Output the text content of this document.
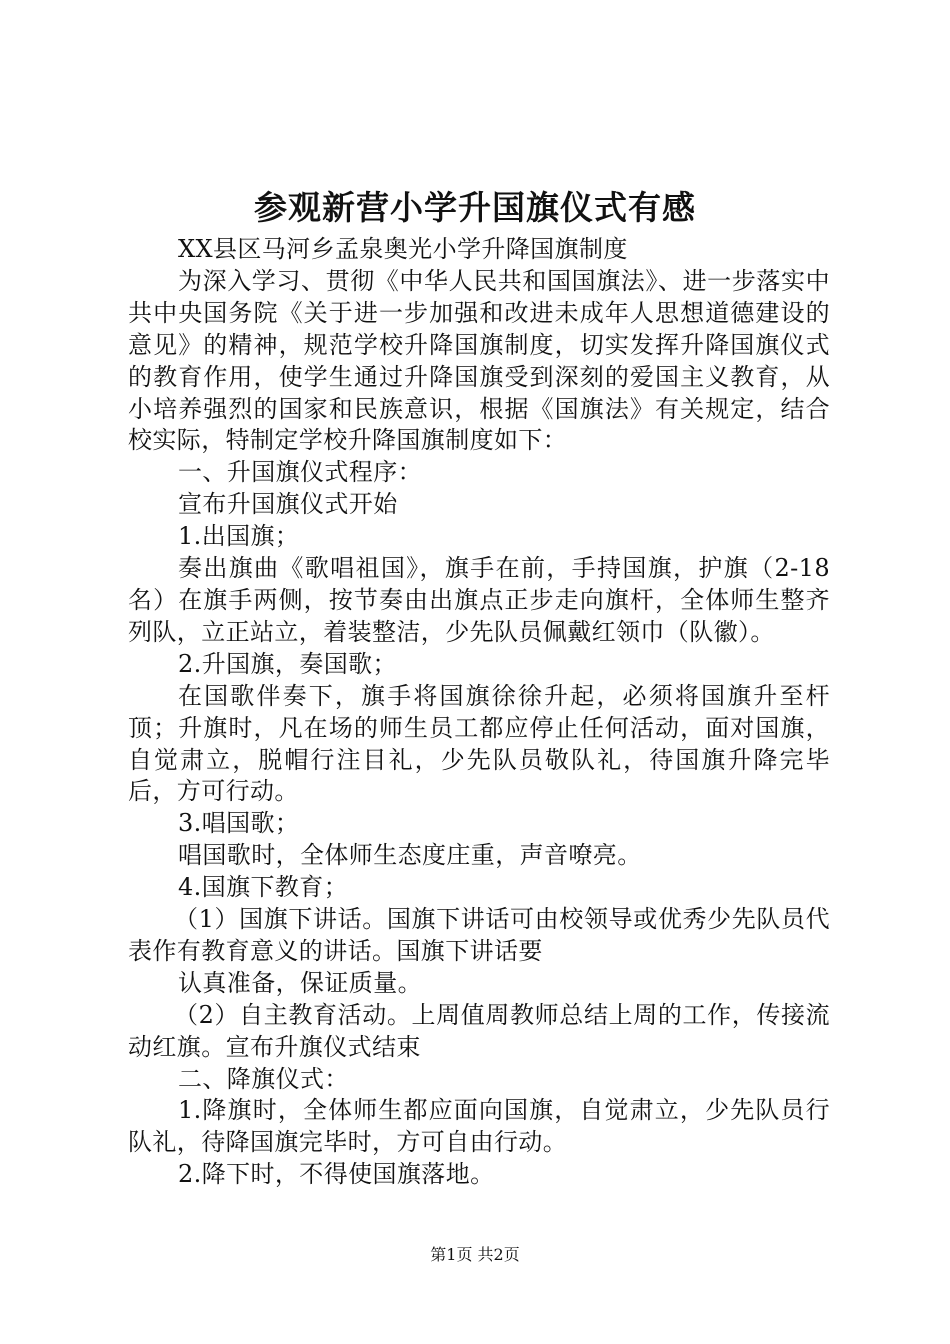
参观新营小学升国旗仪式有感

XX县区马河乡孟泉奥光小学升降国旗制度

为深入学习、贯彻《中华人民共和国国旗法》、进一步落实中共中央国务院《关于进一步加强和改进未成年人思想道德建设的意见》的精神，规范学校升降国旗制度，切实发挥升降国旗仪式的教育作用，使学生通过升降国旗受到深刻的爱国主义教育，从小培养强烈的国家和民族意识，根据《国旗法》有关规定，结合校实际，特制定学校升降国旗制度如下：

一、升国旗仪式程序：

宣布升国旗仪式开始

1.出国旗；

奏出旗曲《歌唱祖国》，旗手在前，手持国旗，护旗（2-18名）在旗手两侧，按节奏由出旗点正步走向旗杆，全体师生整齐列队，立正站立，着装整洁，少先队员佩戴红领巾（队徽）。

2.升国旗，奏国歌；

在国歌伴奏下，旗手将国旗徐徐升起，必须将国旗升至杆顶；升旗时，凡在场的师生员工都应停止任何活动，面对国旗，自觉肃立，脱帽行注目礼，少先队员敬队礼，待国旗升降完毕后，方可行动。

3.唱国歌；

唱国歌时，全体师生态度庄重，声音嘹亮。

4.国旗下教育；

（1）国旗下讲话。国旗下讲话可由校领导或优秀少先队员代表作有教育意义的讲话。国旗下讲话要

认真准备，保证质量。

（2）自主教育活动。上周值周教师总结上周的工作，传接流动红旗。宣布升旗仪式结束

二、降旗仪式：

1.降旗时，全体师生都应面向国旗，自觉肃立，少先队员行队礼，待降国旗完毕时，方可自由行动。

2.降下时，不得使国旗落地。

第1页 共2页
